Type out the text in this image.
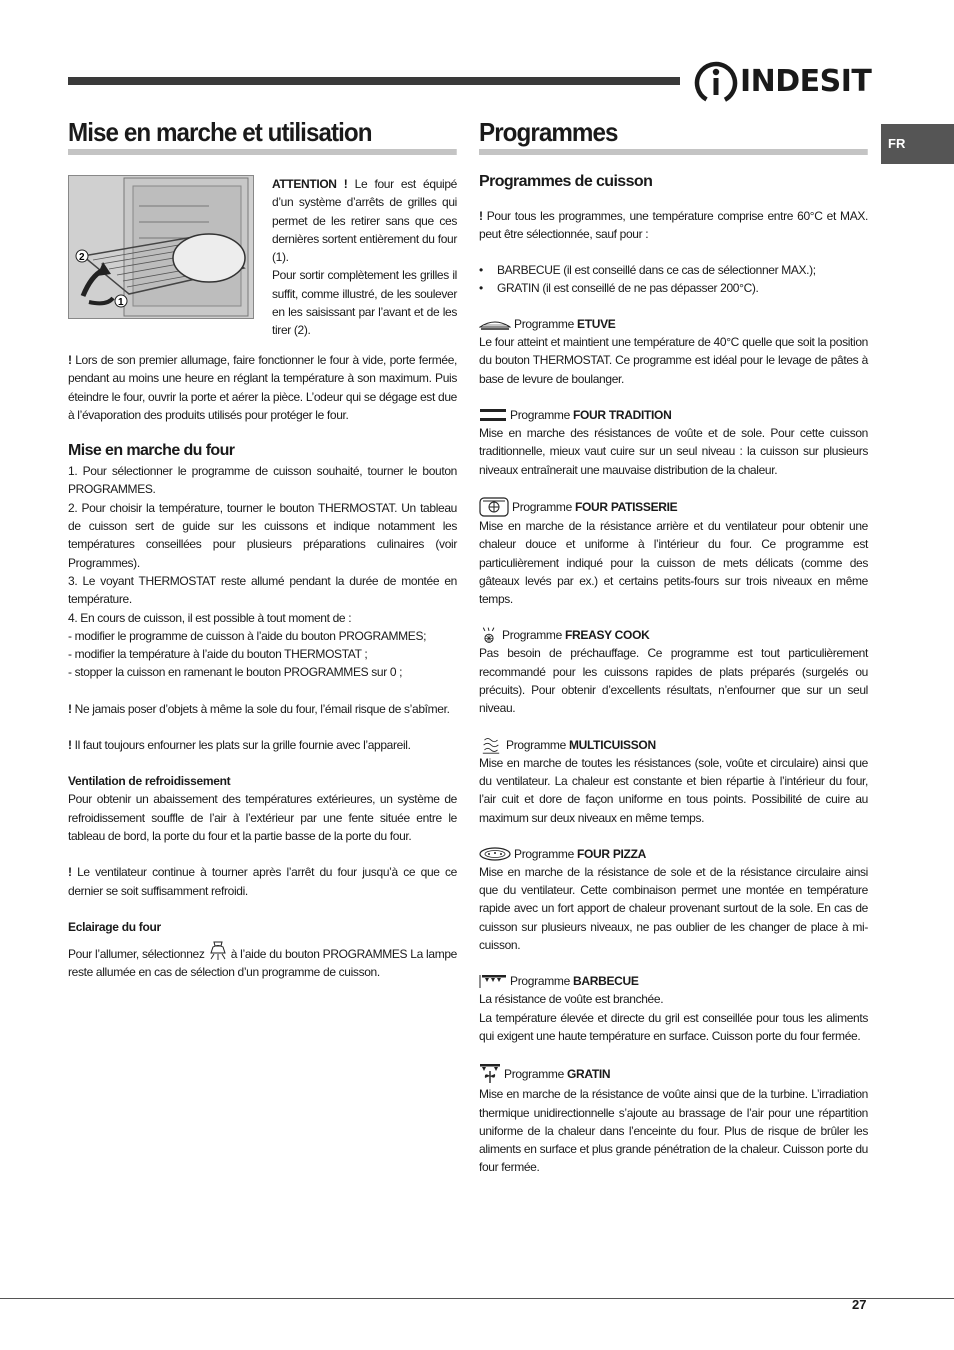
INDESIT
FR
Mise en marche et utilisation
2
1

ATTENTION ! Le four est équipé d’un système d’arrêts de grilles qui permet de les retirer sans que ces dernières sortent entièrement du four (1).

Pour sortir complètement les grilles il suffit, comme illustré, de les soulever en les saisissant par l’avant et de les tirer (2).

! Lors de son premier allumage, faire fonctionner le four à vide, porte fermée, pendant au moins une heure en réglant la température à son maximum. Puis éteindre le four, ouvrir la porte et aérer la pièce. L’odeur qui se dégage est due à l’évaporation des produits utilisés pour protéger le four.

Mise en marche du four

1. Pour sélectionner le programme de cuisson souhaité, tourner le bouton PROGRAMMES.

2. Pour choisir la température, tourner le bouton THERMOSTAT. Un tableau de cuisson sert de guide sur les cuissons et indique notamment les températures conseillées pour plusieurs préparations culinaires (voir Programmes).

3. Le voyant THERMOSTAT reste allumé pendant la durée de montée en température.

4. En cours de cuisson, il est possible à tout moment de :

- modifier le programme de cuisson à l’aide du bouton PROGRAMMES;

- modifier la température à l’aide du bouton THERMOSTAT ;

- stopper la cuisson en ramenant le bouton PROGRAMMES sur 0 ;

! Ne jamais poser d’objets à même la sole du four, l’émail risque de s’abîmer.

! Il faut toujours enfourner les plats sur la grille fournie avec l’appareil.

Ventilation de refroidissement

Pour obtenir un abaissement des températures extérieures, un système de refroidissement souffle de l’air à l’extérieur par une fente située entre le tableau de bord, la porte du four et la partie basse de la porte du four.

! Le ventilateur continue à tourner après l’arrêt du four jusqu’à ce que ce dernier se soit suffisamment refroidi.

Eclairage du four

Pour l’allumer, sélectionnez  à l’aide du bouton PROGRAMMES La lampe reste allumée en cas de sélection d’un programme de cuisson.

Programmes
Programmes de cuisson

! Pour tous les programmes, une température comprise entre 60°C et MAX. peut être sélectionnée, sauf pour :

• BARBECUE (il est conseillé dans ce cas de sélectionner MAX.);
• GRATIN (il est conseillé de ne pas dépasser 200°C).
Programme ETUVE

Le four atteint et maintient une température de 40°C quelle que soit la position du bouton THERMOSTAT. Ce programme est idéal pour le levage de pâtes à base de levure de boulanger.

Programme FOUR TRADITION

Mise en marche des résistances de voûte et de sole. Pour cette cuisson traditionnelle, mieux vaut cuire sur un seul niveau : la cuisson sur plusieurs niveaux entraînerait une mauvaise distribution de la chaleur.

Programme FOUR PATISSERIE

Mise en marche de la résistance arrière et du ventilateur pour obtenir une chaleur douce et uniforme à l’intérieur du four. Ce programme est particulièrement indiqué pour la cuisson de mets délicats (comme des gâteaux levés par ex.) et certains petits-fours sur trois niveaux en même temps.

Programme FREASY COOK

Pas besoin de préchauffage. Ce programme est tout particulièrement recommandé pour les cuissons rapides de plats préparés (surgelés ou précuits). Pour obtenir d’excellents résultats, n’enfourner que sur un seul niveau.

Programme MULTICUISSON

Mise en marche de toutes les résistances (sole, voûte et circulaire) ainsi que du ventilateur. La chaleur est constante et bien répartie à l’intérieur du four, l’air cuit et dore de façon uniforme en tous points. Possibilité de cuire au maximum sur deux niveaux en même temps.

Programme FOUR PIZZA

Mise en marche de la résistance de sole et de la résistance circulaire ainsi que du ventilateur. Cette combinaison permet une montée en température rapide avec un fort apport de chaleur provenant surtout de la sole. En cas de cuisson sur plusieurs niveaux, ne pas oublier de les changer de place à mi-cuisson.

Programme BARBECUE

La résistance de voûte est branchée.

La température élevée et directe du gril est conseillée pour tous les aliments qui exigent une haute température en surface. Cuisson porte du four fermée.

Programme GRATIN

Mise en marche de la résistance de voûte ainsi que de la turbine. L’irradiation thermique unidirectionnelle s’ajoute au brassage de l’air pour une répartition uniforme de la chaleur dans l’enceinte du four. Plus de risque de brûler les aliments en surface et plus grande pénétration de la chaleur. Cuisson porte du four fermée.

27
